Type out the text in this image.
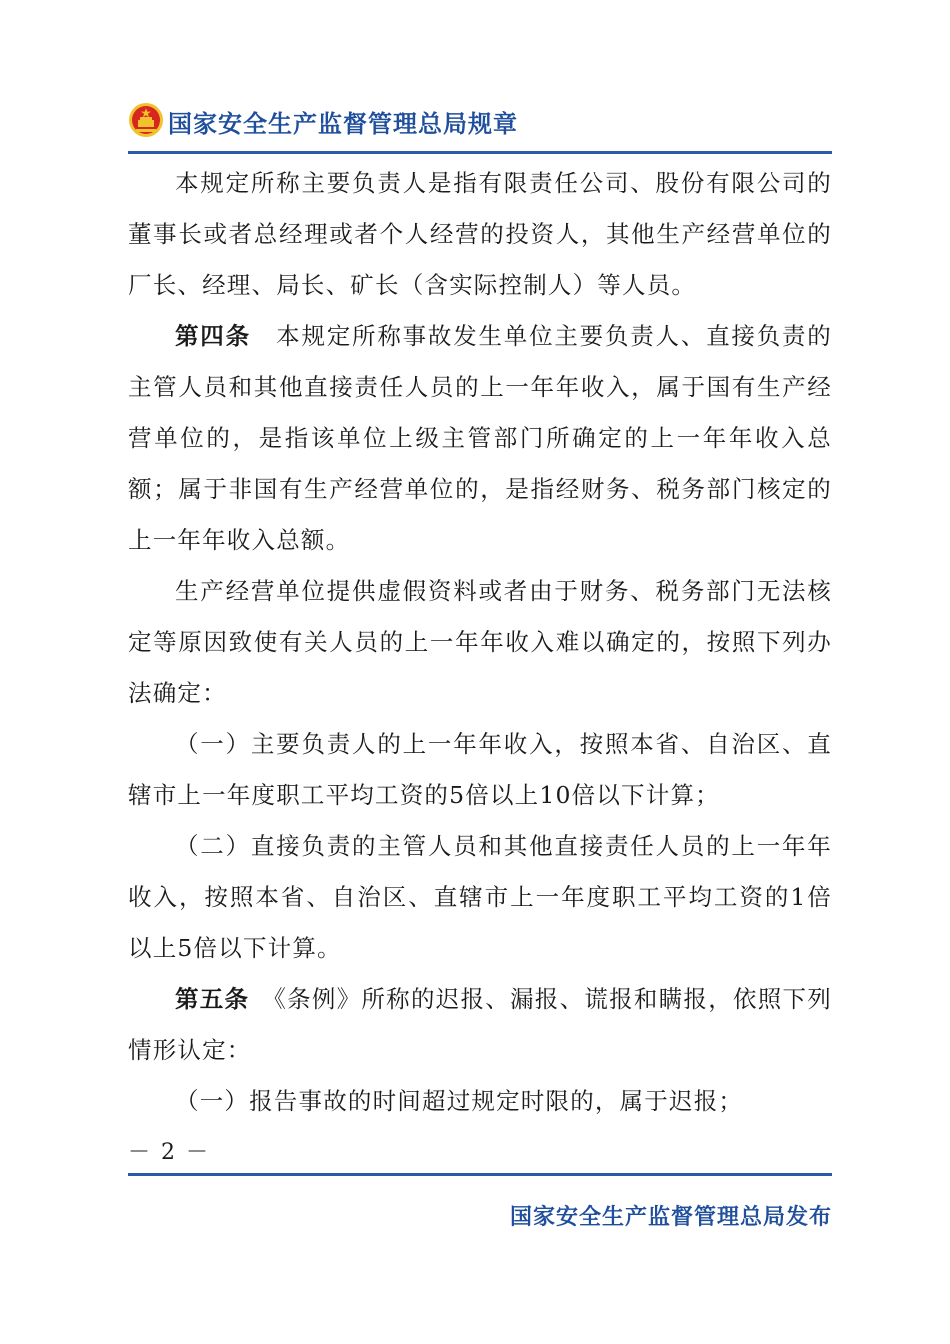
国家安全生产监督管理总局规章

本规定所称主要负责人是指有限责任公司、股份有限公司的董事长或者总经理或者个人经营的投资人，其他生产经营单位的厂长、经理、局长、矿长（含实际控制人）等人员。

第四条　本规定所称事故发生单位主要负责人、直接负责的主管人员和其他直接责任人员的上一年年收入，属于国有生产经营单位的，是指该单位上级主管部门所确定的上一年年收入总额；属于非国有生产经营单位的，是指经财务、税务部门核定的上一年年收入总额。

生产经营单位提供虚假资料或者由于财务、税务部门无法核定等原因致使有关人员的上一年年收入难以确定的，按照下列办法确定：

（一）主要负责人的上一年年收入，按照本省、自治区、直辖市上一年度职工平均工资的5倍以上10倍以下计算；

（二）直接负责的主管人员和其他直接责任人员的上一年年收入，按照本省、自治区、直辖市上一年度职工平均工资的1倍以上5倍以下计算。

第五条　《条例》所称的迟报、漏报、谎报和瞒报，依照下列情形认定：

（一）报告事故的时间超过规定时限的，属于迟报；

－ 2 －
国家安全生产监督管理总局发布
